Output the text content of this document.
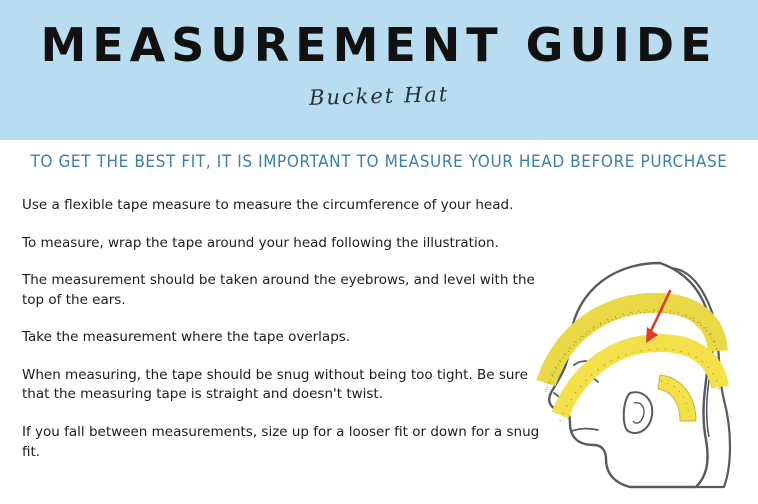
MEASUREMENT GUIDE
Bucket Hat
TO GET THE BEST FIT, IT IS IMPORTANT TO MEASURE YOUR HEAD BEFORE PURCHASE
Use a flexible tape measure to measure the circumference of your head.
To measure, wrap the tape around your head following the illustration.
The measurement should be taken around the eyebrows, and level with the top of the ears.
Take the measurement where the tape overlaps.
When measuring, the tape should be snug without being too tight. Be sure that the measuring tape is straight and doesn't twist.
If you fall between measurements, size up for a looser fit or down for a snug fit.
